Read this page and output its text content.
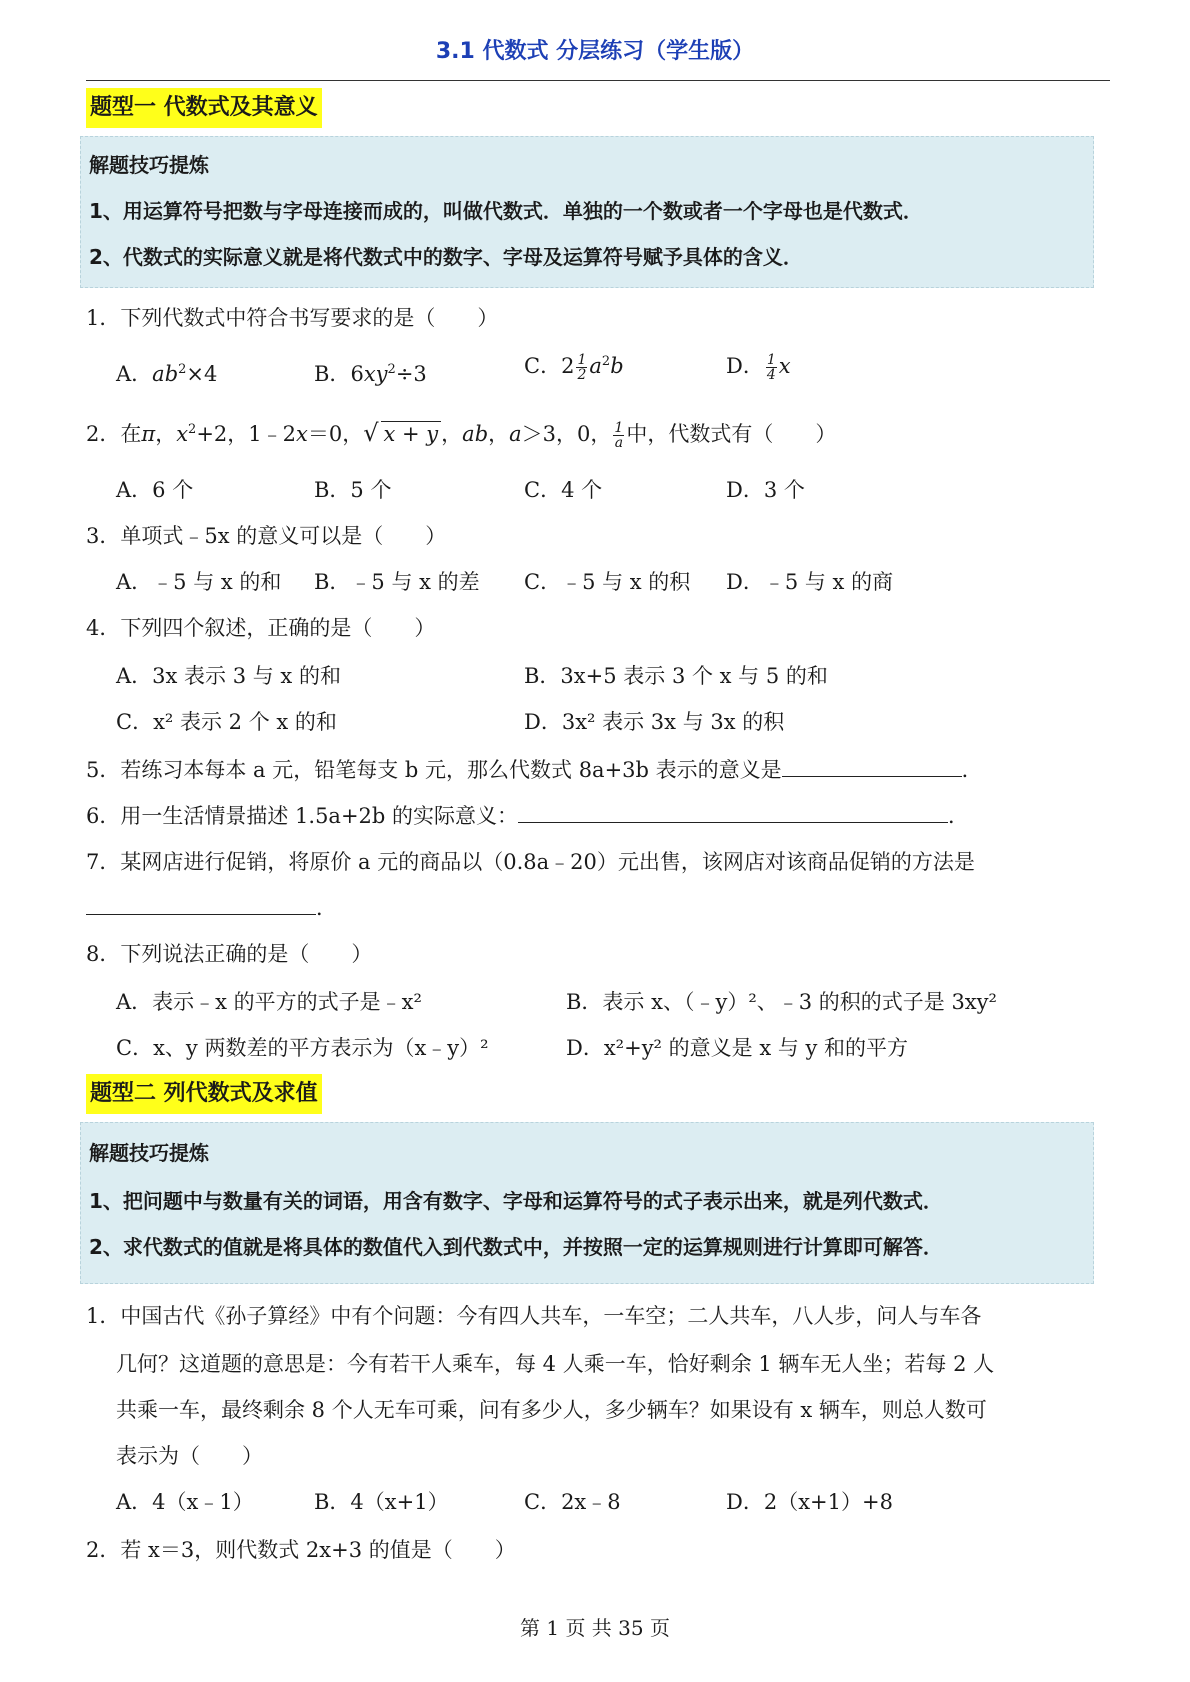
3.1 代数式 分层练习（学生版）
题型一 代数式及其意义
解题技巧提炼
1、用运算符号把数与字母连接而成的，叫做代数式．单独的一个数或者一个字母也是代数式．
2、代数式的实际意义就是将代数式中的数字、字母及运算符号赋予具体的含义．
1．下列代数式中符合书写要求的是（　　）
A．$ab^2\times 4$	B．$6xy^2\div 3$	C．$2 \frac{1}{2} a^2b$	D． $\frac{1}{4}$ x
2．在π，$x^2+2$，1﹣2x＝0，√ x + y ，ab，a＞3，0， $\frac{1}{a}$ 中，代数式有（　　）
A．6 个	B．5 个	C．4 个	D．3 个
3．单项式﹣5x 的意义可以是（　　）
A．﹣5 与 x 的和 B．﹣5 与 x 的差 C．﹣5 与 x 的积 D．﹣5 与 x 的商
4．下列四个叙述，正确的是（　　）
A．3x 表示 3 与 x 的和	B．3x+5 表示 3 个 x 与 5 的和
C．x² 表示 2 个 x 的和	D．3x² 表示 3x 与 3x 的积
5．若练习本每本 a 元，铅笔每支 b 元，那么代数式 8a+3b 表示的意义是	．
6．用一生活情景描述 1.5a+2b 的实际意义：	．
7．某网店进行促销，将原价 a 元的商品以（0.8a﹣20）元出售，该网店对该商品促销的方法是
．
8．下列说法正确的是（　　）
A．表示﹣x 的平方的式子是﹣x²	B．表示 x、（﹣y）²、﹣3 的积的式子是 3xy²
C．x、y 两数差的平方表示为（x﹣y）²	D．x²+y² 的意义是 x 与 y 和的平方
题型二 列代数式及求值
解题技巧提炼
1、把问题中与数量有关的词语，用含有数字、字母和运算符号的式子表示出来，就是列代数式．
2、求代数式的值就是将具体的数值代入到代数式中，并按照一定的运算规则进行计算即可解答．
1．中国古代《孙子算经》中有个问题：今有四人共车，一车空；二人共车，八人步，问人与车各
几何？这道题的意思是：今有若干人乘车，每 4 人乘一车，恰好剩余 1 辆车无人坐；若每 2 人
共乘一车，最终剩余 8 个人无车可乘，问有多少人，多少辆车？如果设有 x 辆车，则总人数可
表示为（　　）
A．4（x﹣1）	B．4（x+1）	C．2x﹣8	D．2（x+1）+8
2．若 x＝3，则代数式 2x+3 的值是（　　）
第 1 页 共 35 页
